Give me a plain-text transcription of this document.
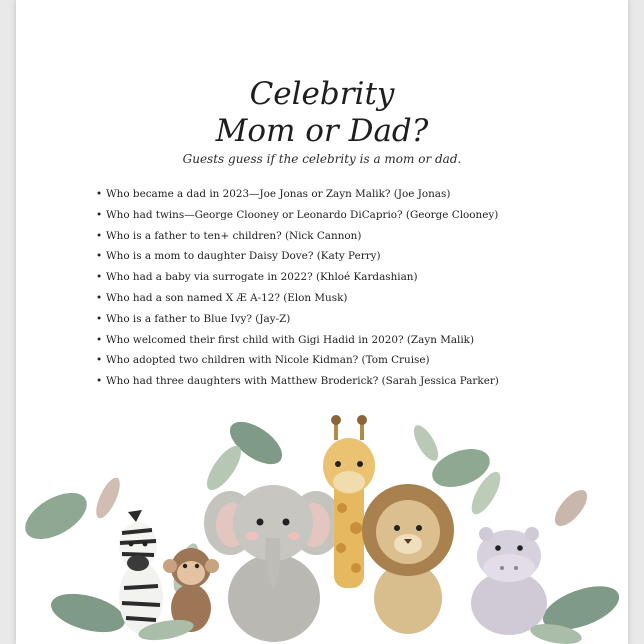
Celebrity
Mom or Dad?
Guests guess if the celebrity is a mom or dad.
• Who became a dad in 2023—Joe Jonas or Zayn Malik? (Joe Jonas)
• Who had twins—George Clooney or Leonardo DiCaprio? (George Clooney)
• Who is a father to ten+ children? (Nick Cannon)
• Who is a mom to daughter Daisy Dove? (Katy Perry)
• Who had a baby via surrogate in 2022? (Khloé Kardashian)
• Who had a son named X Æ A-12? (Elon Musk)
• Who is a father to Blue Ivy? (Jay-Z)
• Who welcomed their first child with Gigi Hadid in 2020? (Zayn Malik)
• Who adopted two children with Nicole Kidman? (Tom Cruise)
• Who had three daughters with Matthew Broderick? (Sarah Jessica Parker)
